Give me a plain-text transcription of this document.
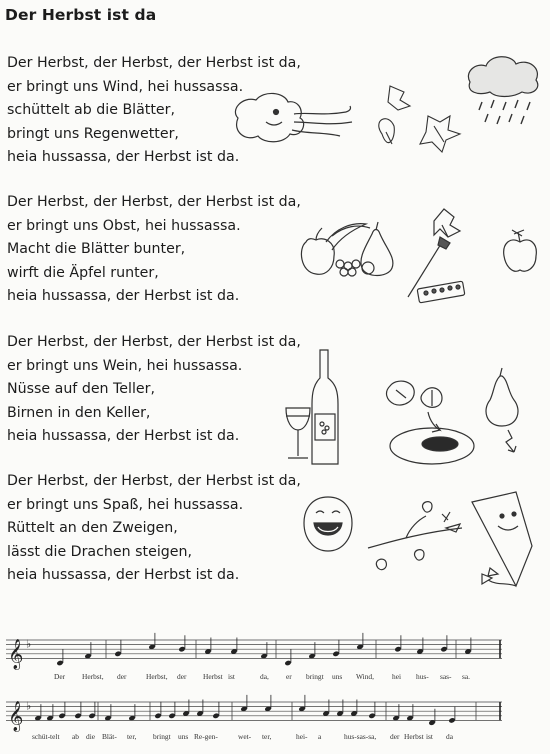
Der Herbst ist da
Der Herbst, der Herbst, der Herbst ist da,
er bringt uns Wind, hei hussassa.
schüttelt ab die Blätter,
bringt uns Regenwetter,
heia hussassa, der Herbst ist da.
Der Herbst, der Herbst, der Herbst ist da,
er bringt uns Obst, hei hussassa.
Macht die Blätter bunter,
wirft die Äpfel runter,
heia hussassa, der Herbst ist da.
Der Herbst, der Herbst, der Herbst ist da,
er bringt uns Wein, hei hussassa.
Nüsse auf den Teller,
Birnen in den Keller,
heia hussassa, der Herbst ist da.
Der Herbst, der Herbst, der Herbst ist da,
er bringt uns Spaß, hei hussassa.
Rüttelt an den Zweigen,
lässt die Drachen steigen,
heia hussassa, der Herbst ist da.
𝄞 ♭
Der Herbst, der	Herbst, der Herbst ist	da, er bringt uns Wind, hei hus- sas- sa.
𝄞 ♭
schüt-telt ab die Blät- ter, bringt uns Re-gen-	wet- ter,	hei- a	hus-sas-sa, der Herbst ist da
